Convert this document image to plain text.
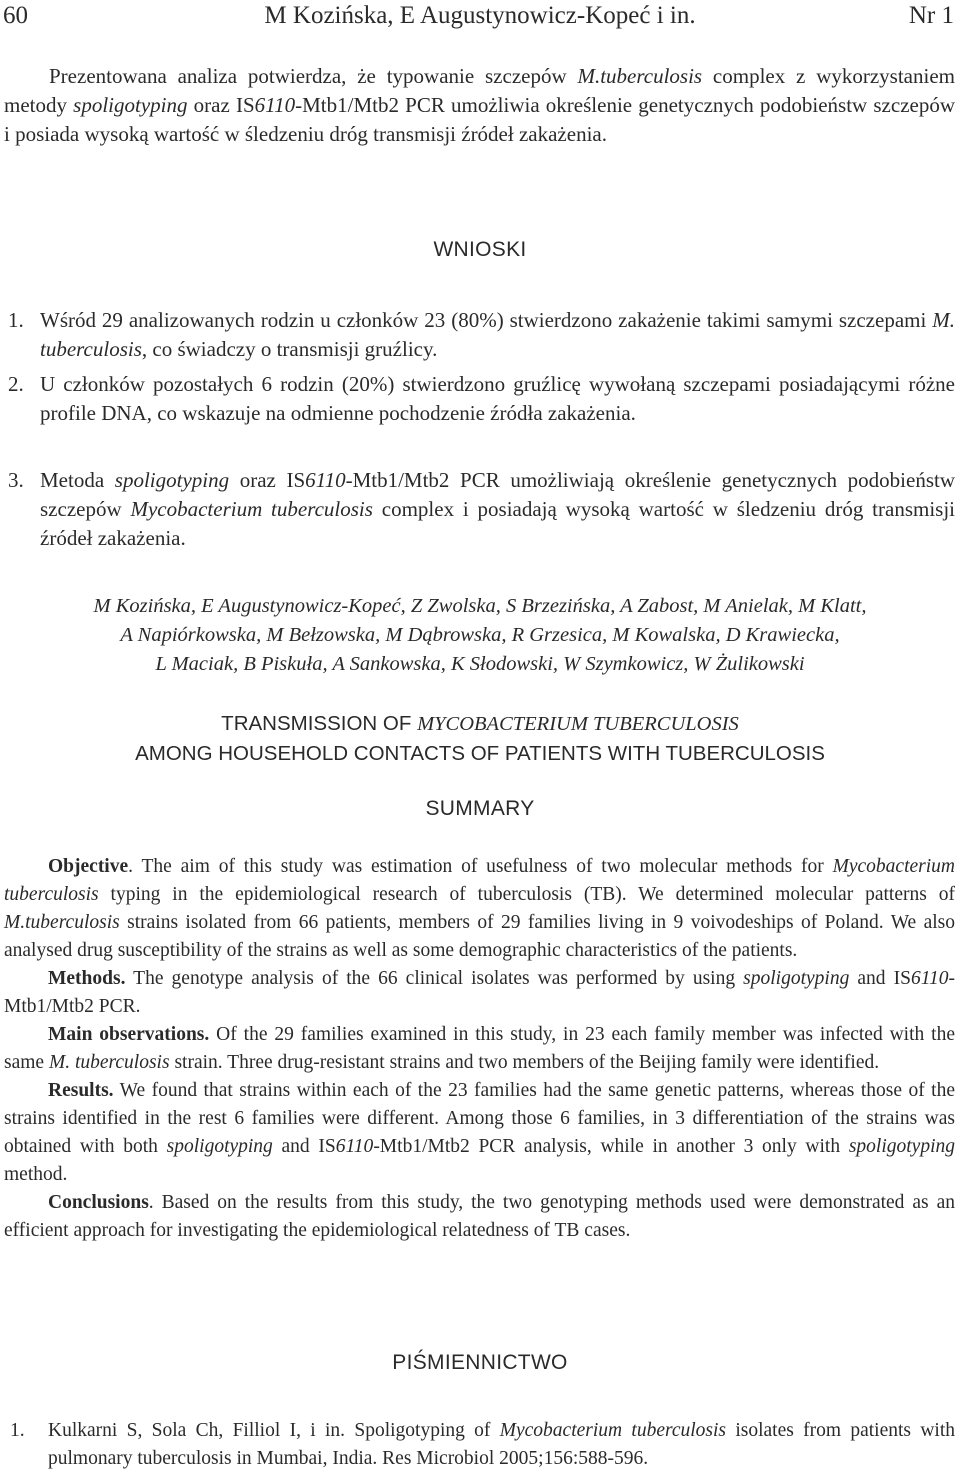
60	M Kozińska, E Augustynowicz-Kopeć i in.	Nr 1
Prezentowana analiza potwierdza, że typowanie szczepów M.tuberculosis complex z wykorzystaniem metody spoligotyping oraz IS6110-Mtb1/Mtb2 PCR umożliwia określenie genetycznych podobieństw szczepów i posiada wysoką wartość w śledzeniu dróg transmisji źródeł zakażenia.
WNIOSKI
1. Wśród 29 analizowanych rodzin u członków 23 (80%) stwierdzono zakażenie takimi samymi szczepami M. tuberculosis, co świadczy o transmisji gruźlicy.
2. U członków pozostałych 6 rodzin (20%) stwierdzono gruźlicę wywołaną szczepami posiadającymi różne profile DNA, co wskazuje na odmienne pochodzenie źródła zakażenia.
3. Metoda spoligotyping oraz IS6110-Mtb1/Mtb2 PCR umożliwiają określenie genetycznych podobieństw szczepów Mycobacterium tuberculosis complex i posiadają wysoką wartość w śledzeniu dróg transmisji źródeł zakażenia.
M Kozińska, E Augustynowicz-Kopeć, Z Zwolska, S Brzezińska, A Zabost, M Anielak, M Klatt,
A Napiórkowska, M Bełzowska, M Dąbrowska, R Grzesica, M Kowalska, D Krawiecka,
L Maciak, B Piskuła, A Sankowska, K Słodowski, W Szymkowicz, W Żulikowski
TRANSMISSION OF MYCOBACTERIUM TUBERCULOSIS
AMONG HOUSEHOLD CONTACTS OF PATIENTS WITH TUBERCULOSIS
SUMMARY

Objective. The aim of this study was estimation of usefulness of two molecular methods for Mycobacterium tuberculosis typing in the epidemiological research of tuberculosis (TB). We determined molecular patterns of M.tuberculosis strains isolated from 66 patients, members of 29 families living in 9 voivodeships of Poland. We also analysed drug susceptibility of the strains as well as some demographic characteristics of the patients.

Methods. The genotype analysis of the 66 clinical isolates was performed by using spoligotyping and IS6110-Mtb1/Mtb2 PCR.

Main observations. Of the 29 families examined in this study, in 23 each family member was infected with the same M. tuberculosis strain. Three drug-resistant strains and two members of the Beijing family were identified.

Results. We found that strains within each of the 23 families had the same genetic patterns, whereas those of the strains identified in the rest 6 families were different. Among those 6 families, in 3 differentiation of the strains was obtained with both spoligotyping and IS6110-Mtb1/Mtb2 PCR analysis, while in another 3 only with spoligotyping method.

Conclusions. Based on the results from this study, the two genotyping methods used were demonstrated as an efficient approach for investigating the epidemiological relatedness of TB cases.

PIŚMIENNICTWO
1. Kulkarni S, Sola Ch, Filliol I, i in. Spoligotyping of Mycobacterium tuberculosis isolates from patients with pulmonary tuberculosis in Mumbai, India. Res Microbiol 2005;156:588-596.
